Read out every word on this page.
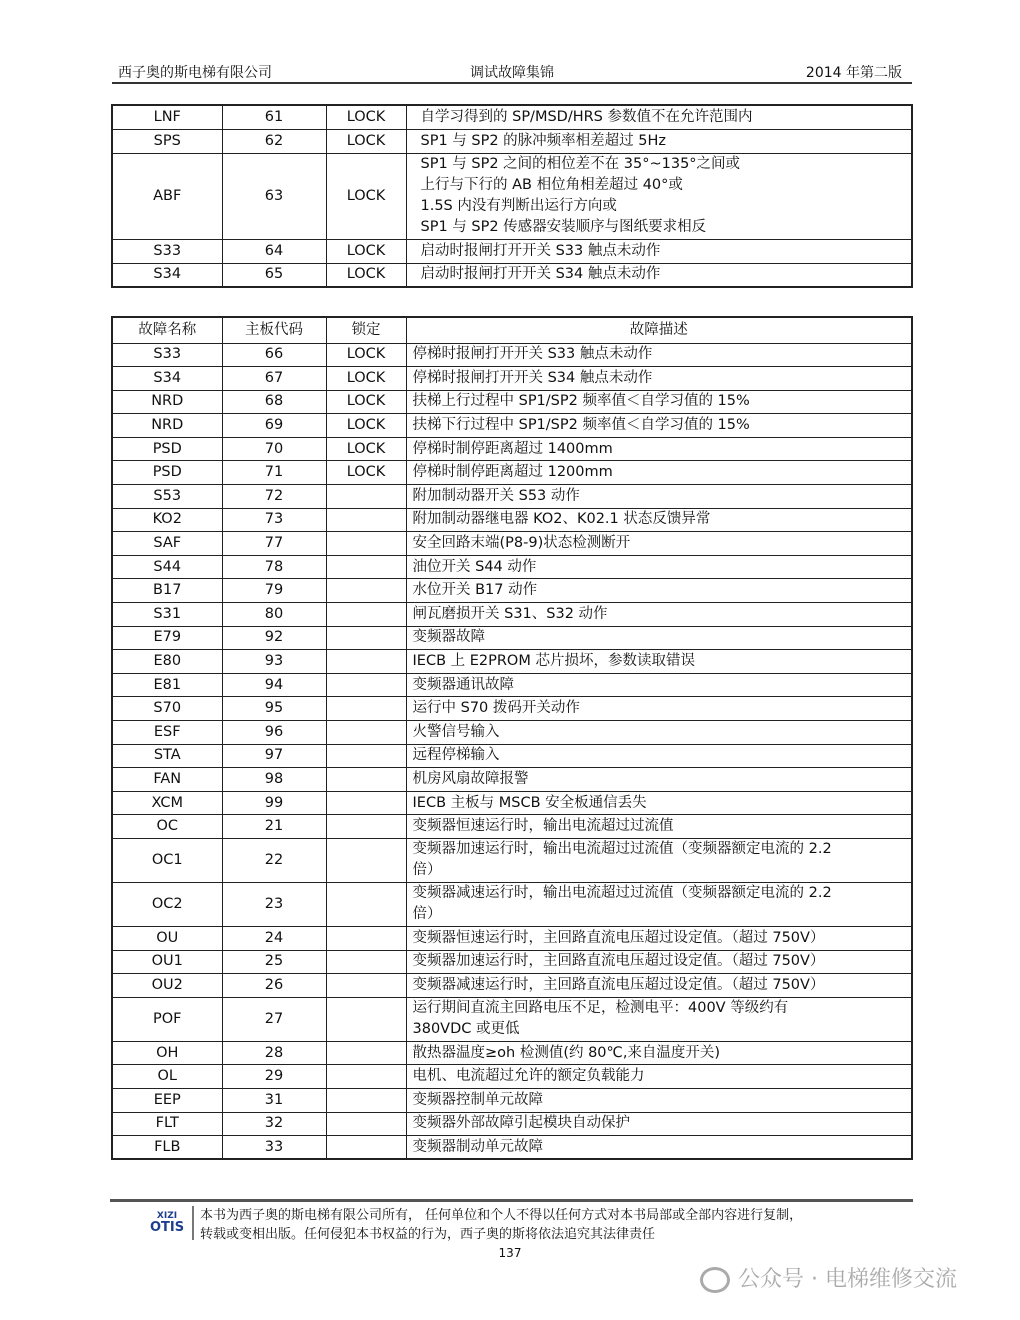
西子奥的斯电梯有限公司	调试故障集锦	2014 年第二版
LNF	61	LOCK	自学习得到的 SP/MSD/HRS 参数值不在允许范围内

SPS	62	LOCK	SP1 与 SP2 的脉冲频率相差超过 5Hz

ABF	63	LOCK	SP1 与 SP2 之间的相位差不在 35°~135°之间或
上行与下行的 AB 相位角相差超过 40°或
1.5S 内没有判断出运行方向或
SP1 与 SP2 传感器安装顺序与图纸要求相反

S33	64	LOCK	启动时报闸打开开关 S33 触点未动作

S34	65	LOCK	启动时报闸打开开关 S34 触点未动作
故障名称	主板代码	锁定	故障描述
S33	66	LOCK	停梯时报闸打开开关 S33 触点未动作

S34	67	LOCK	停梯时报闸打开开关 S34 触点未动作

NRD	68	LOCK	扶梯上行过程中 SP1/SP2 频率值＜自学习值的 15%

NRD	69	LOCK	扶梯下行过程中 SP1/SP2 频率值＜自学习值的 15%

PSD	70	LOCK	停梯时制停距离超过 1400mm

PSD	71	LOCK	停梯时制停距离超过 1200mm

S53	72		附加制动器开关 S53 动作

KO2	73		附加制动器继电器 KO2、K02.1 状态反馈异常

SAF	77		安全回路末端(P8-9)状态检测断开

S44	78		油位开关 S44 动作

B17	79		水位开关 B17 动作

S31	80		闸瓦磨损开关 S31、S32 动作

E79	92		变频器故障

E80	93		IECB 上 E2PROM 芯片损坏，参数读取错误

E81	94		变频器通讯故障

S70	95		运行中 S70 拨码开关动作

ESF	96		火警信号输入

STA	97		远程停梯输入

FAN	98		机房风扇故障报警

XCM	99		IECB 主板与 MSCB 安全板通信丢失

OC	21		变频器恒速运行时，输出电流超过过流值

OC1	22		变频器加速运行时，输出电流超过过流值（变频器额定电流的 2.2
倍）

OC2	23		变频器减速运行时，输出电流超过过流值（变频器额定电流的 2.2
倍）

OU	24		变频器恒速运行时，主回路直流电压超过设定值。（超过 750V）

OU1	25		变频器加速运行时，主回路直流电压超过设定值。（超过 750V）

OU2	26		变频器减速运行时，主回路直流电压超过设定值。（超过 750V）

POF	27		运行期间直流主回路电压不足，检测电平：400V 等级约有
380VDC 或更低

OH	28		散热器温度≥oh 检测值(约 80℃,来自温度开关)

OL	29		电机、电流超过允许的额定负载能力

EEP	31		变频器控制单元故障

FLT	32		变频器外部故障引起模块自动保护

FLB	33		变频器制动单元故障
XIZI
OTIS
本书为西子奥的斯电梯有限公司所有， 任何单位和个人不得以任何方式对本书局部或全部内容进行复制，
转载或变相出版。任何侵犯本书权益的行为，西子奥的斯将依法追究其法律责任
137
公众号 · 电梯维修交流
